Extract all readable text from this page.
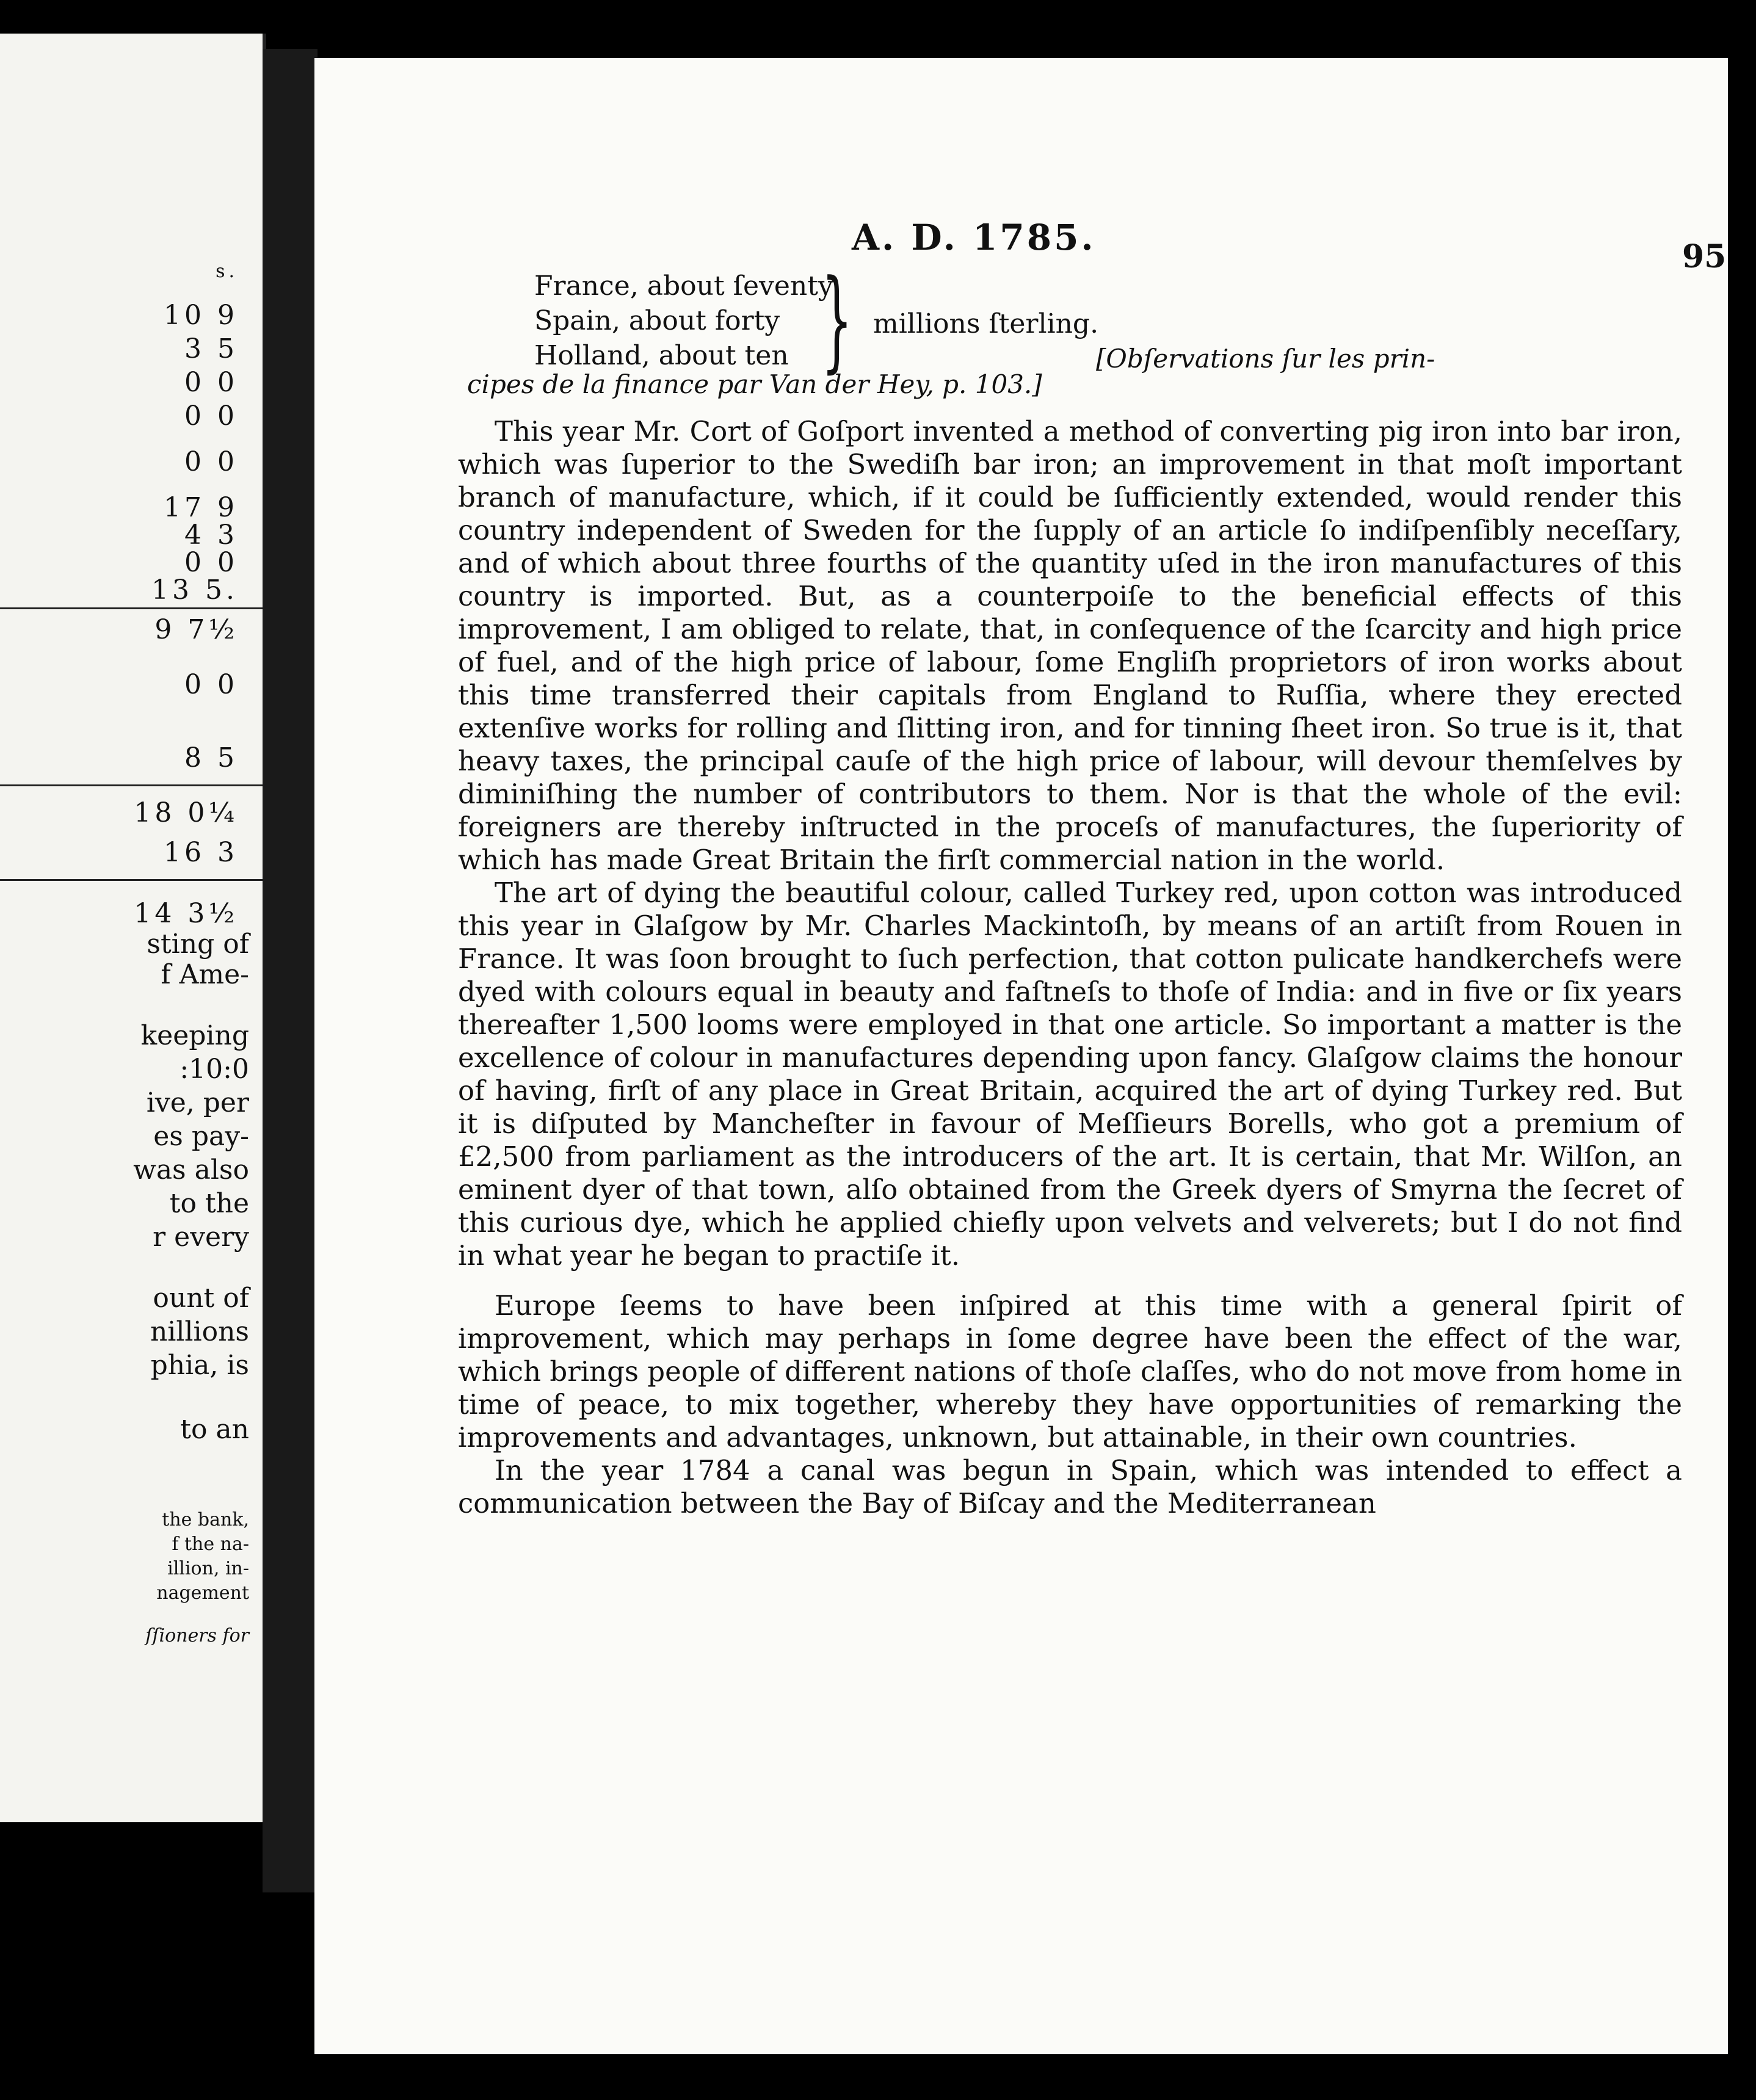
s.
10 9
3 5
0 0
0 0
0 0
17 9
4 3
0 0
13 5.
9 7½
0 0
8 5
18 0¼
16 3
14 3½
sting of
f Ame-
keeping
:10:0
ive, per
es pay-
was also
to the
r every
ount of
nillions
phia, is
to an
the bank,
f the na-
illion, in-
nagement
ſſioners for
A. D. 1785.	95
France, about ſeventy
Spain, about forty
Holland, about ten } millions ſterling.
[Obſervations ſur les prin-
cipes de la finance par Van der Hey, p. 103.]

This year Mr. Cort of Goſport invented a method of converting pig iron into bar iron, which was ſuperior to the Swediſh bar iron; an improvement in that moſt important branch of manufacture, which, if it could be ſufficiently extended, would render this country independent of Sweden for the ſupply of an article ſo indiſpenſibly neceſſary, and of which about three fourths of the quantity uſed in the iron manufactures of this country is imported. But, as a counterpoiſe to the beneficial effects of this improvement, I am obliged to relate, that, in conſequence of the ſcarcity and high price of fuel, and of the high price of labour, ſome Engliſh proprietors of iron works about this time transferred their capitals from England to Ruſſia, where they erected extenſive works for rolling and ſlitting iron, and for tinning ſheet iron. So true is it, that heavy taxes, the principal cauſe of the high price of labour, will devour themſelves by diminiſhing the number of contributors to them. Nor is that the whole of the evil: foreigners are thereby inſtructed in the proceſs of manufactures, the ſuperiority of which has made Great Britain the firſt commercial nation in the world.

The art of dying the beautiful colour, called Turkey red, upon cotton was introduced this year in Glaſgow by Mr. Charles Mackintoſh, by means of an artiſt from Rouen in France. It was ſoon brought to ſuch perfection, that cotton pulicate handkerchefs were dyed with colours equal in beauty and faſtneſs to thoſe of India: and in five or ſix years thereafter 1,500 looms were employed in that one article. So important a matter is the excellence of colour in manufactures depending upon fancy. Glaſgow claims the honour of having, firſt of any place in Great Britain, acquired the art of dying Turkey red. But it is diſputed by Mancheſter in favour of Meſſieurs Borells, who got a premium of £2,500 from parliament as the introducers of the art. It is certain, that Mr. Wilſon, an eminent dyer of that town, alſo obtained from the Greek dyers of Smyrna the ſecret of this curious dye, which he applied chiefly upon velvets and velverets; but I do not find in what year he began to practiſe it.

Europe ſeems to have been inſpired at this time with a general ſpirit of improvement, which may perhaps in ſome degree have been the effect of the war, which brings people of different nations of thoſe claſſes, who do not move from home in time of peace, to mix together, whereby they have opportunities of remarking the improvements and advantages, unknown, but attainable, in their own countries.

In the year 1784 a canal was begun in Spain, which was intended to effect a communication between the Bay of Biſcay and the Mediterranean
